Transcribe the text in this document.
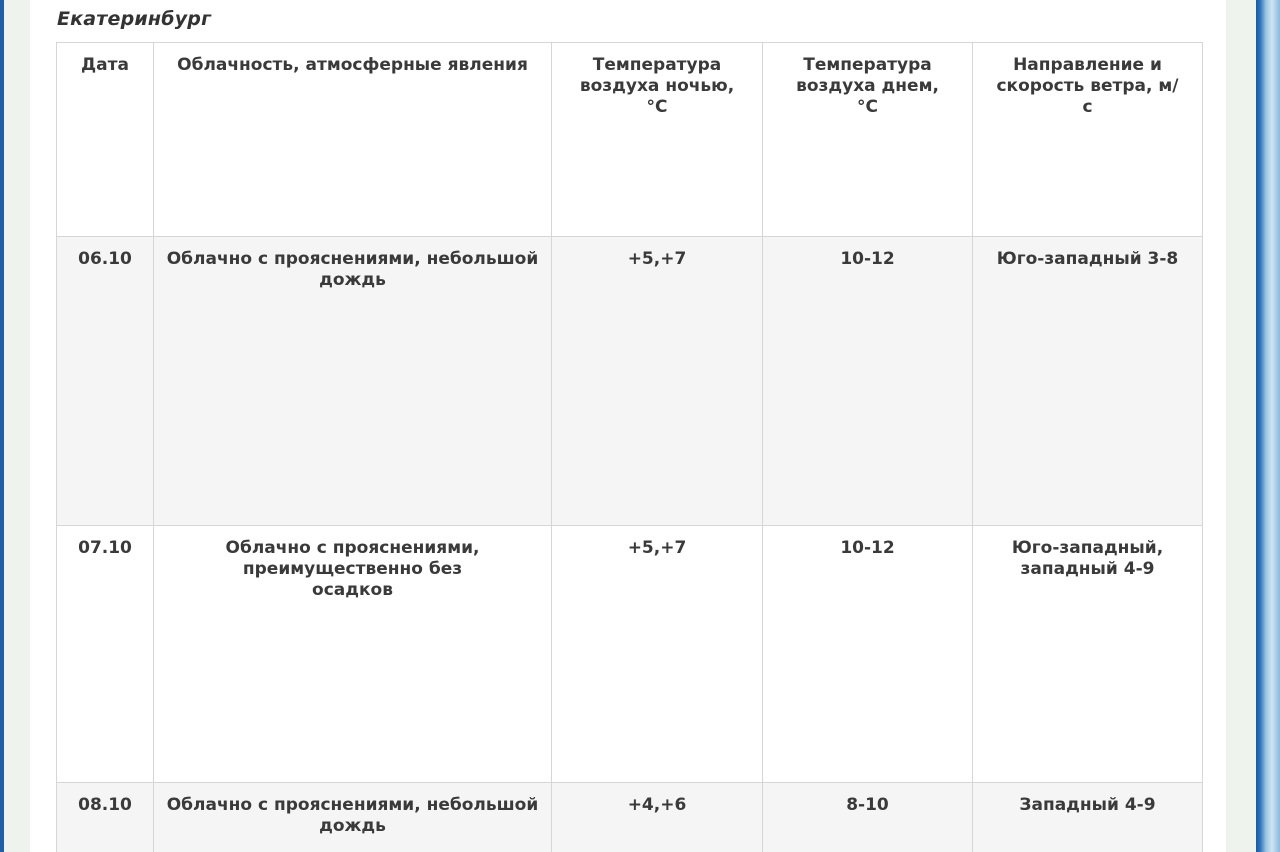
Екатеринбург
Дата	Облачность, атмосферные явления	Температура воздуха ночью, °С	Температура воздуха днем, °С	Направление и скорость ветра, м/с
06.10	Облачно с прояснениями, небольшой дождь	+5,+7	10-12	Юго-западный 3-8
07.10	Облачно с прояснениями, преимущественно без осадков	+5,+7	10-12	Юго-западный, западный 4-9
08.10	Облачно с прояснениями, небольшой дождь	+4,+6	8-10	Западный 4-9
